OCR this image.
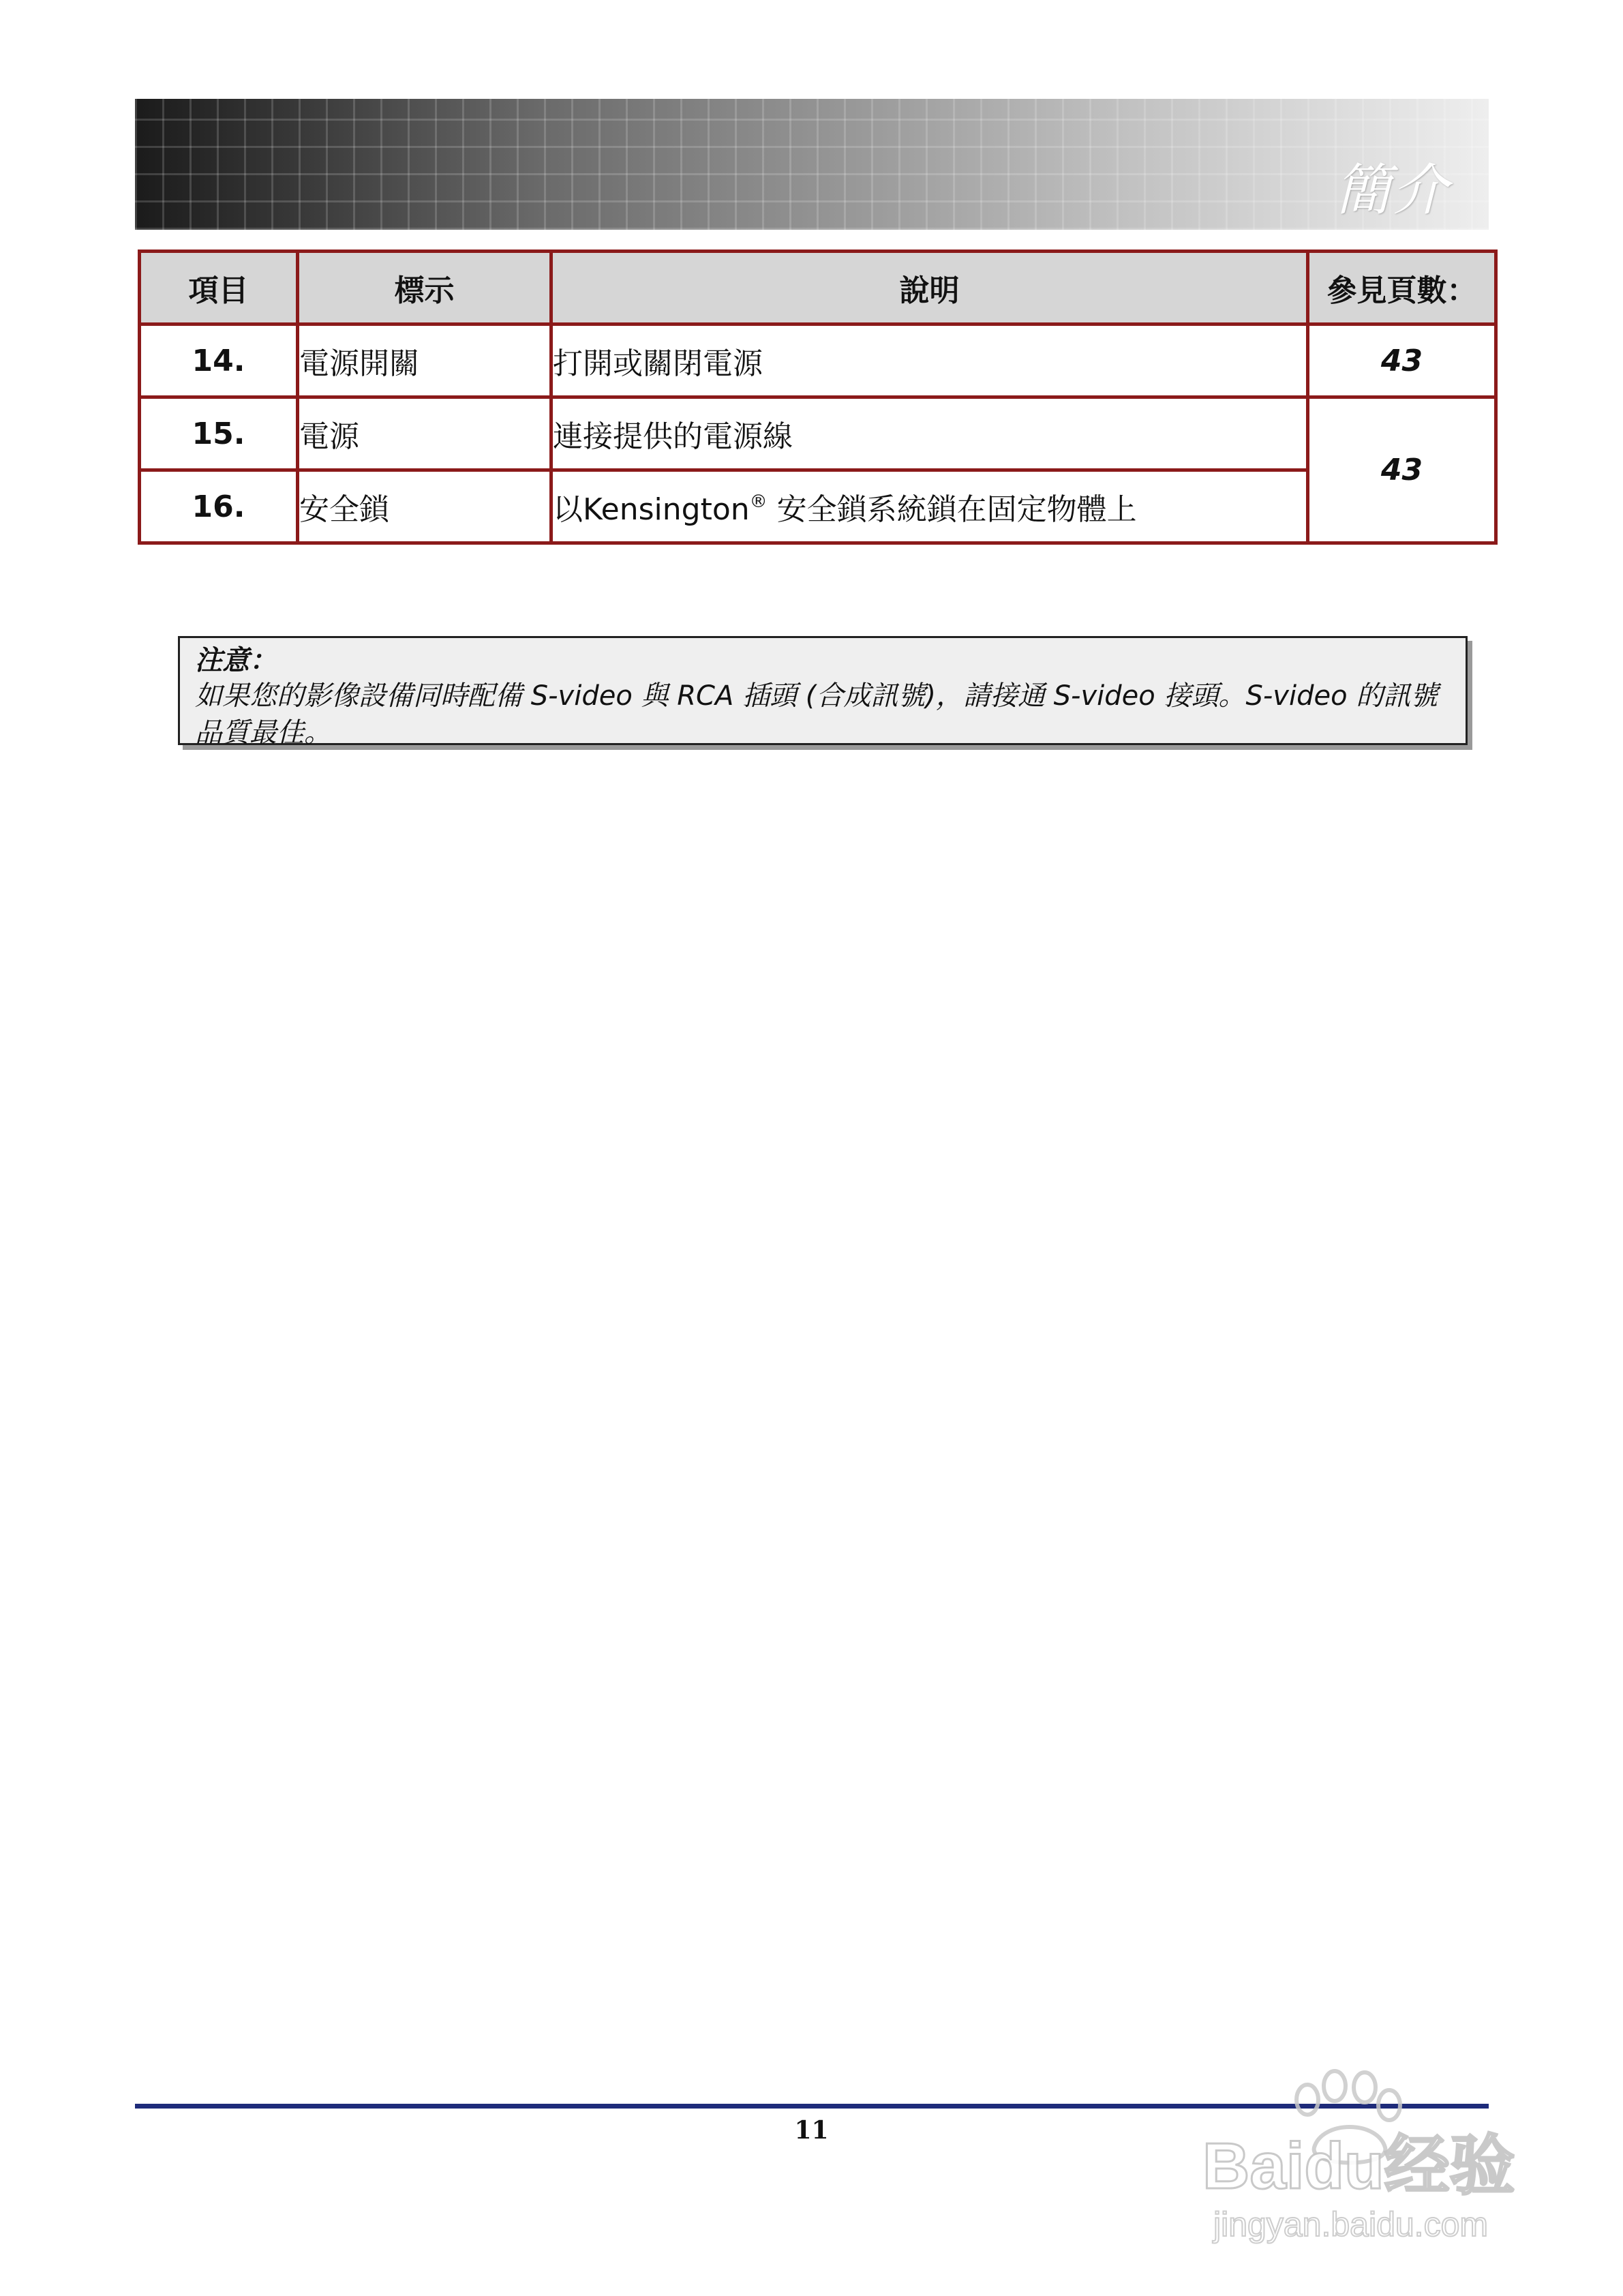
簡介
項目	標示	說明	參見頁數：
14.	電源開關	打開或關閉電源	43
15.	電源	連接提供的電源線	43
16.	安全鎖	以Kensington® 安全鎖系統鎖在固定物體上	
注意：

如果您的影像設備同時配備 S-video 與 RCA 插頭 (合成訊號)，請接通 S-video 接頭。S-video 的訊號品質最佳。

11	Baidu经验
jingyan.baidu.com
